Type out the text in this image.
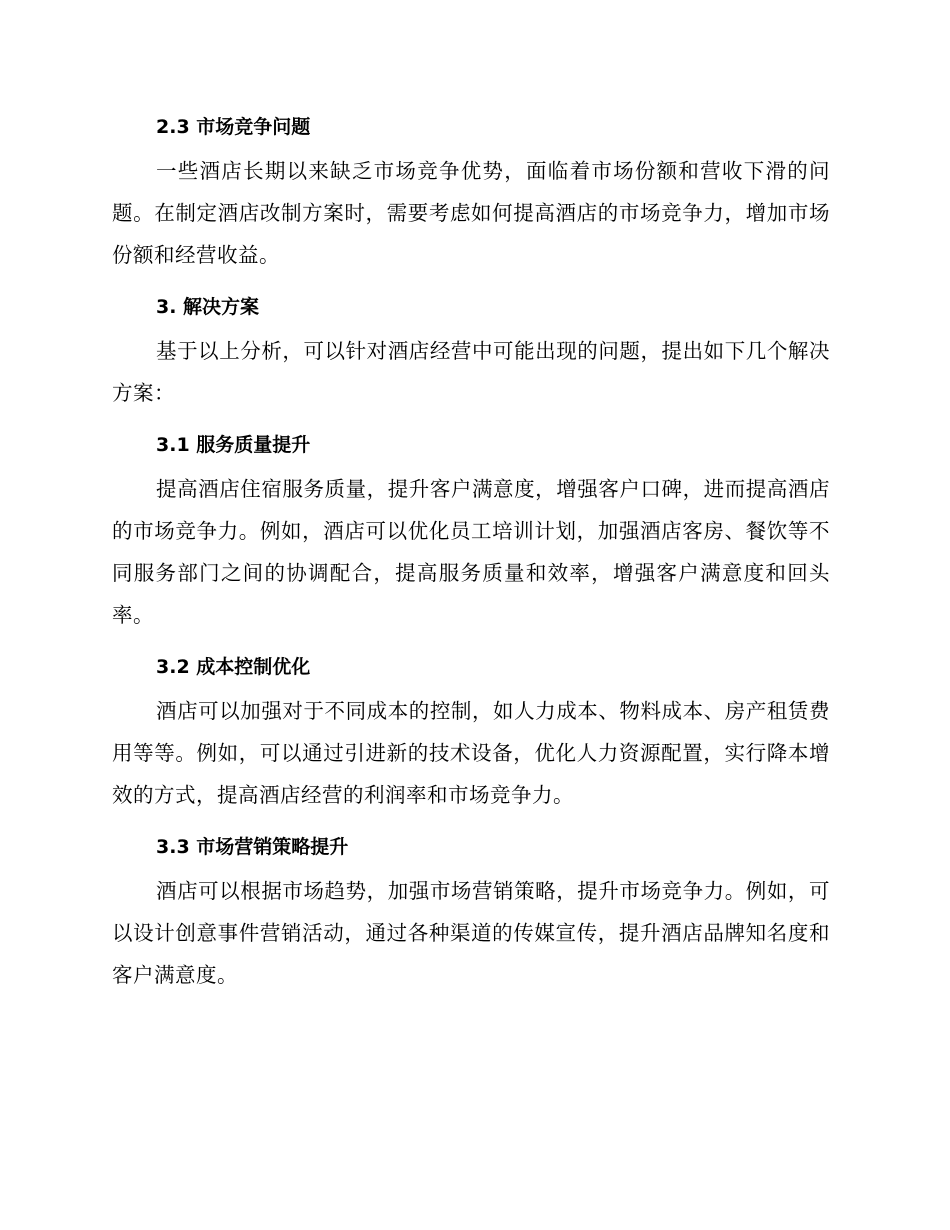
2.3 市场竞争问题

一些酒店长期以来缺乏市场竞争优势，面临着市场份额和营收下滑的问题。在制定酒店改制方案时，需要考虑如何提高酒店的市场竞争力，增加市场份额和经营收益。

3. 解决方案

基于以上分析，可以针对酒店经营中可能出现的问题，提出如下几个解决方案：

3.1 服务质量提升

提高酒店住宿服务质量，提升客户满意度，增强客户口碑，进而提高酒店的市场竞争力。例如，酒店可以优化员工培训计划，加强酒店客房、餐饮等不同服务部门之间的协调配合，提高服务质量和效率，增强客户满意度和回头率。

3.2 成本控制优化

酒店可以加强对于不同成本的控制，如人力成本、物料成本、房产租赁费用等等。例如，可以通过引进新的技术设备，优化人力资源配置，实行降本增效的方式，提高酒店经营的利润率和市场竞争力。

3.3 市场营销策略提升

酒店可以根据市场趋势，加强市场营销策略，提升市场竞争力。例如，可以设计创意事件营销活动，通过各种渠道的传媒宣传，提升酒店品牌知名度和客户满意度。
